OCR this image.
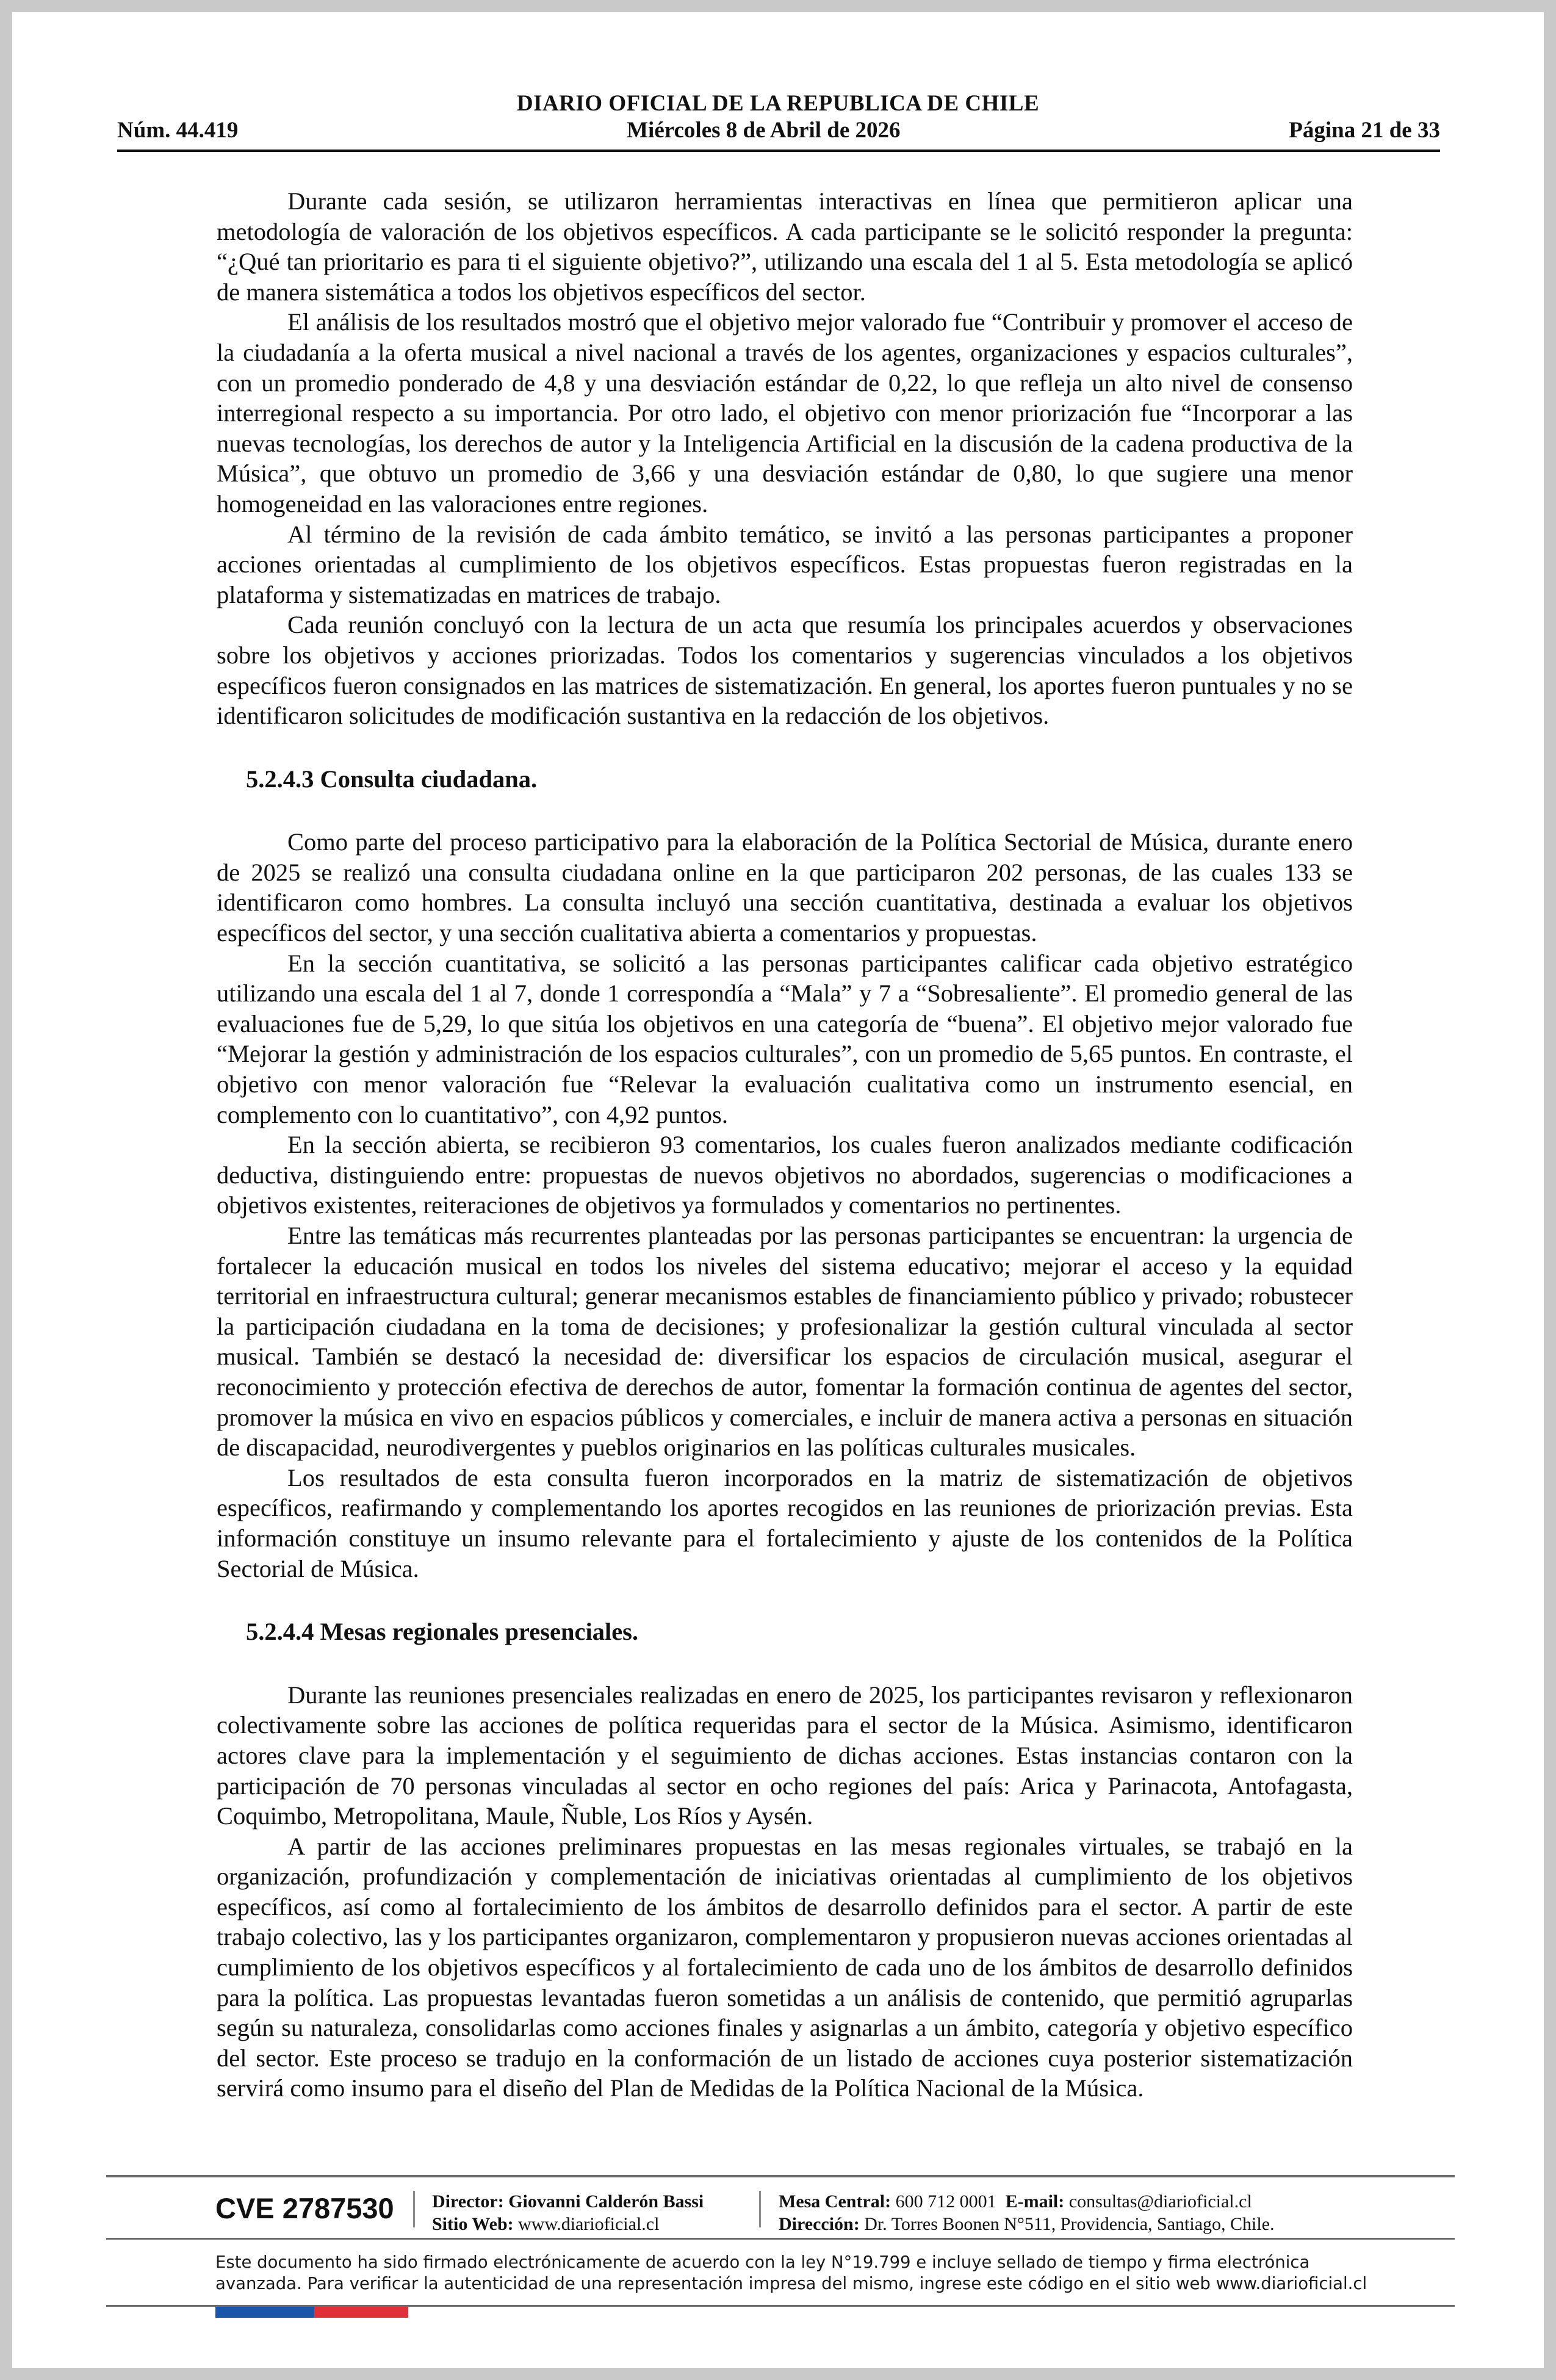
DIARIO OFICIAL DE LA REPUBLICA DE CHILE
Núm. 44.419	Miércoles 8 de Abril de 2026	Página 21 de 33

Durante cada sesión, se utilizaron herramientas interactivas en línea que permitieron aplicar una metodología de valoración de los objetivos específicos. A cada participante se le solicitó responder la pregunta: “¿Qué tan prioritario es para ti el siguiente objetivo?”, utilizando una escala del 1 al 5. Esta metodología se aplicó de manera sistemática a todos los objetivos específicos del sector.

El análisis de los resultados mostró que el objetivo mejor valorado fue “Contribuir y promover el acceso de la ciudadanía a la oferta musical a nivel nacional a través de los agentes, organizaciones y espacios culturales”, con un promedio ponderado de 4,8 y una desviación estándar de 0,22, lo que refleja un alto nivel de consenso interregional respecto a su importancia. Por otro lado, el objetivo con menor priorización fue “Incorporar a las nuevas tecnologías, los derechos de autor y la Inteligencia Artificial en la discusión de la cadena productiva de la Música”, que obtuvo un promedio de 3,66 y una desviación estándar de 0,80, lo que sugiere una menor homogeneidad en las valoraciones entre regiones.

Al término de la revisión de cada ámbito temático, se invitó a las personas participantes a proponer acciones orientadas al cumplimiento de los objetivos específicos. Estas propuestas fueron registradas en la plataforma y sistematizadas en matrices de trabajo.

Cada reunión concluyó con la lectura de un acta que resumía los principales acuerdos y observaciones sobre los objetivos y acciones priorizadas. Todos los comentarios y sugerencias vinculados a los objetivos específicos fueron consignados en las matrices de sistematización. En general, los aportes fueron puntuales y no se identificaron solicitudes de modificación sustantiva en la redacción de los objetivos.

5.2.4.3 Consulta ciudadana.

Como parte del proceso participativo para la elaboración de la Política Sectorial de Música, durante enero de 2025 se realizó una consulta ciudadana online en la que participaron 202 personas, de las cuales 133 se identificaron como hombres. La consulta incluyó una sección cuantitativa, destinada a evaluar los objetivos específicos del sector, y una sección cualitativa abierta a comentarios y propuestas.

En la sección cuantitativa, se solicitó a las personas participantes calificar cada objetivo estratégico utilizando una escala del 1 al 7, donde 1 correspondía a “Mala” y 7 a “Sobresaliente”. El promedio general de las evaluaciones fue de 5,29, lo que sitúa los objetivos en una categoría de “buena”. El objetivo mejor valorado fue “Mejorar la gestión y administración de los espacios culturales”, con un promedio de 5,65 puntos. En contraste, el objetivo con menor valoración fue “Relevar la evaluación cualitativa como un instrumento esencial, en complemento con lo cuantitativo”, con 4,92 puntos.

En la sección abierta, se recibieron 93 comentarios, los cuales fueron analizados mediante codificación deductiva, distinguiendo entre: propuestas de nuevos objetivos no abordados, sugerencias o modificaciones a objetivos existentes, reiteraciones de objetivos ya formulados y comentarios no pertinentes.

Entre las temáticas más recurrentes planteadas por las personas participantes se encuentran: la urgencia de fortalecer la educación musical en todos los niveles del sistema educativo; mejorar el acceso y la equidad territorial en infraestructura cultural; generar mecanismos estables de financiamiento público y privado; robustecer la participación ciudadana en la toma de decisiones; y profesionalizar la gestión cultural vinculada al sector musical. También se destacó la necesidad de: diversificar los espacios de circulación musical, asegurar el reconocimiento y protección efectiva de derechos de autor, fomentar la formación continua de agentes del sector, promover la música en vivo en espacios públicos y comerciales, e incluir de manera activa a personas en situación de discapacidad, neurodivergentes y pueblos originarios en las políticas culturales musicales.

Los resultados de esta consulta fueron incorporados en la matriz de sistematización de objetivos específicos, reafirmando y complementando los aportes recogidos en las reuniones de priorización previas. Esta información constituye un insumo relevante para el fortalecimiento y ajuste de los contenidos de la Política Sectorial de Música.

5.2.4.4 Mesas regionales presenciales.

Durante las reuniones presenciales realizadas en enero de 2025, los participantes revisaron y reflexionaron colectivamente sobre las acciones de política requeridas para el sector de la Música. Asimismo, identificaron actores clave para la implementación y el seguimiento de dichas acciones. Estas instancias contaron con la participación de 70 personas vinculadas al sector en ocho regiones del país: Arica y Parinacota, Antofagasta, Coquimbo, Metropolitana, Maule, Ñuble, Los Ríos y Aysén.

A partir de las acciones preliminares propuestas en las mesas regionales virtuales, se trabajó en la organización, profundización y complementación de iniciativas orientadas al cumplimiento de los objetivos específicos, así como al fortalecimiento de los ámbitos de desarrollo definidos para el sector. A partir de este trabajo colectivo, las y los participantes organizaron, complementaron y propusieron nuevas acciones orientadas al cumplimiento de los objetivos específicos y al fortalecimiento de cada uno de los ámbitos de desarrollo definidos para la política. Las propuestas levantadas fueron sometidas a un análisis de contenido, que permitió agruparlas según su naturaleza, consolidarlas como acciones finales y asignarlas a un ámbito, categoría y objetivo específico del sector. Este proceso se tradujo en la conformación de un listado de acciones cuya posterior sistematización servirá como insumo para el diseño del Plan de Medidas de la Política Nacional de la Música.

CVE 2787530 Director: Giovanni Calderón Bassi
Sitio Web: www.diarioficial.cl
Mesa Central: 600 712 0001 E-mail: consultas@diarioficial.cl
Dirección: Dr. Torres Boonen N°511, Providencia, Santiago, Chile.
Este documento ha sido firmado electrónicamente de acuerdo con la ley N°19.799 e incluye sellado de tiempo y firma electrónica
avanzada. Para verificar la autenticidad de una representación impresa del mismo, ingrese este código en el sitio web www.diarioficial.cl
